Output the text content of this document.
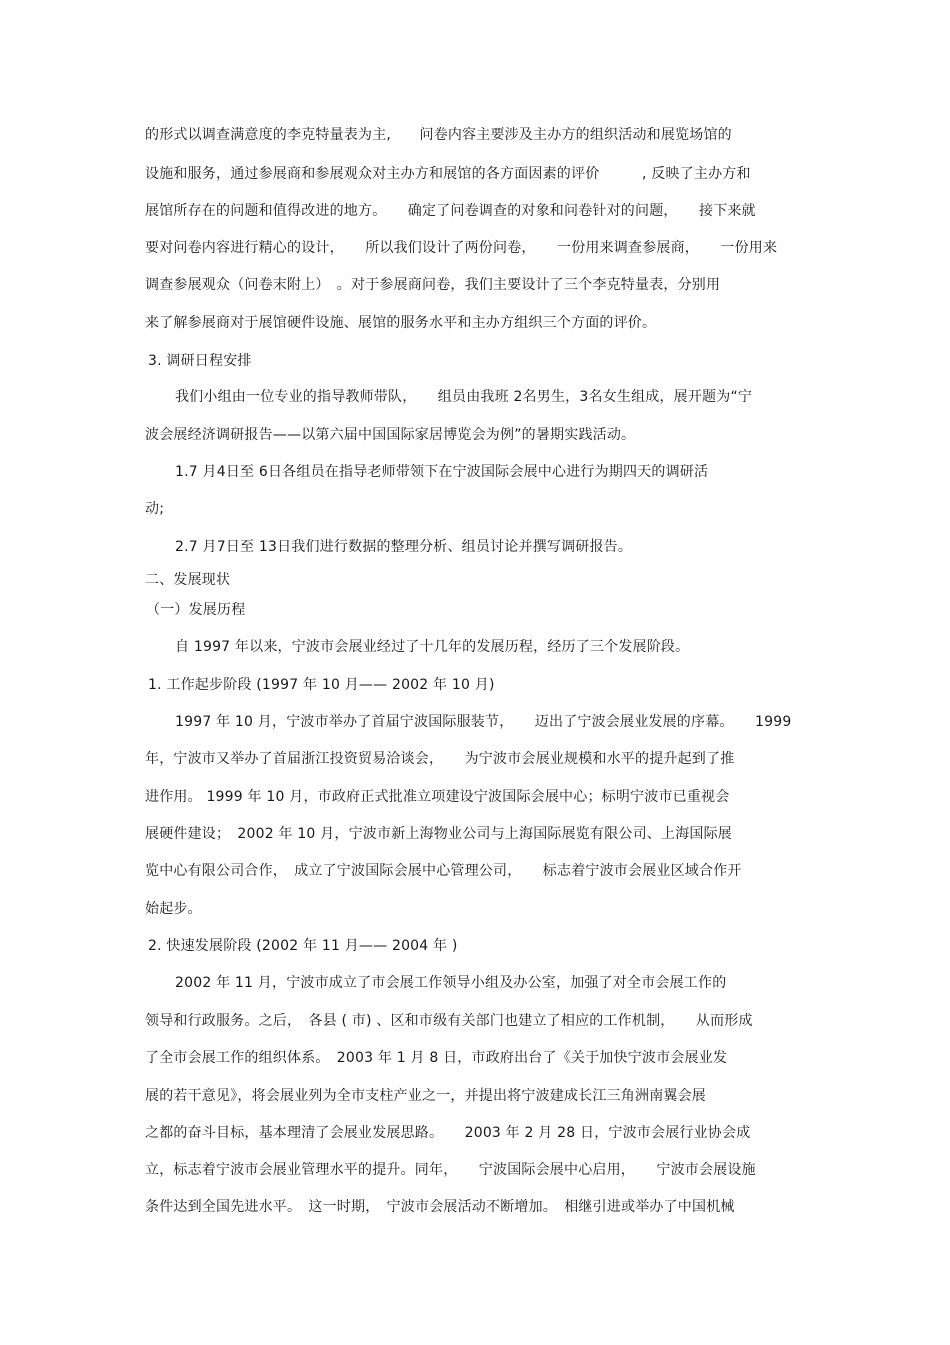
的形式以调查满意度的李克特量表为主,　　问卷内容主要涉及主办方的组织活动和展览场馆的
设施和服务，通过参展商和参展观众对主办方和展馆的各方面因素的评价　　　, 反映了主办方和
展馆所存在的问题和值得改进的地方。　　确定了问卷调查的对象和问卷针对的问题，　　接下来就
要对问卷内容进行精心的设计，　　所以我们设计了两份问卷，　　一份用来调查参展商，　　一份用来
调查参展观众（问卷末附上）　。对于参展商问卷，我们主要设计了三个李克特量表，分别用
来了解参展商对于展馆硬件设施、展馆的服务水平和主办方组织三个方面的评价。
3. 调研日程安排
我们小组由一位专业的指导教师带队，　　组员由我班 2名男生，3名女生组成，展开题为“宁
波会展经济调研报告——以第六届中国国际家居博览会为例”的暑期实践活动。
1.7 月4日至 6日各组员在指导老师带领下在宁波国际会展中心进行为期四天的调研活
动;
2.7 月7日至 13日我们进行数据的整理分析、组员讨论并撰写调研报告。
二、发展现状
（一）发展历程
自 1997 年以来，宁波市会展业经过了十几年的发展历程，经历了三个发展阶段。
1. 工作起步阶段 (1997 年 10 月—— 2002 年 10 月)
1997 年 10 月，宁波市举办了首届宁波国际服装节，　　迈出了宁波会展业发展的序幕。　　1999
年，宁波市又举办了首届浙江投资贸易洽谈会，　　为宁波市会展业规模和水平的提升起到了推
进作用。 1999 年 10 月，市政府正式批准立项建设宁波国际会展中心；标明宁波市已重视会
展硬件建设；　2002 年 10 月，宁波市新上海物业公司与上海国际展览有限公司、上海国际展
览中心有限公司合作，　成立了宁波国际会展中心管理公司，　　标志着宁波市会展业区域合作开
始起步。
2. 快速发展阶段 (2002 年 11 月—— 2004 年 )
2002 年 11 月，宁波市成立了市会展工作领导小组及办公室，加强了对全市会展工作的
领导和行政服务。之后，　各县 ( 市) 、区和市级有关部门也建立了相应的工作机制，　　从而形成
了全市会展工作的组织体系。　2003 年 1 月 8 日，市政府出台了《关于加快宁波市会展业发
展的若干意见》，将会展业列为全市支柱产业之一，并提出将宁波建成长江三角洲南翼会展
之都的奋斗目标，基本理清了会展业发展思路。　　2003 年 2 月 28 日，宁波市会展行业协会成
立，标志着宁波市会展业管理水平的提升。同年，　　宁波国际会展中心启用，　　宁波市会展设施
条件达到全国先进水平。　这一时期，　宁波市会展活动不断增加。　相继引进或举办了中国机械
